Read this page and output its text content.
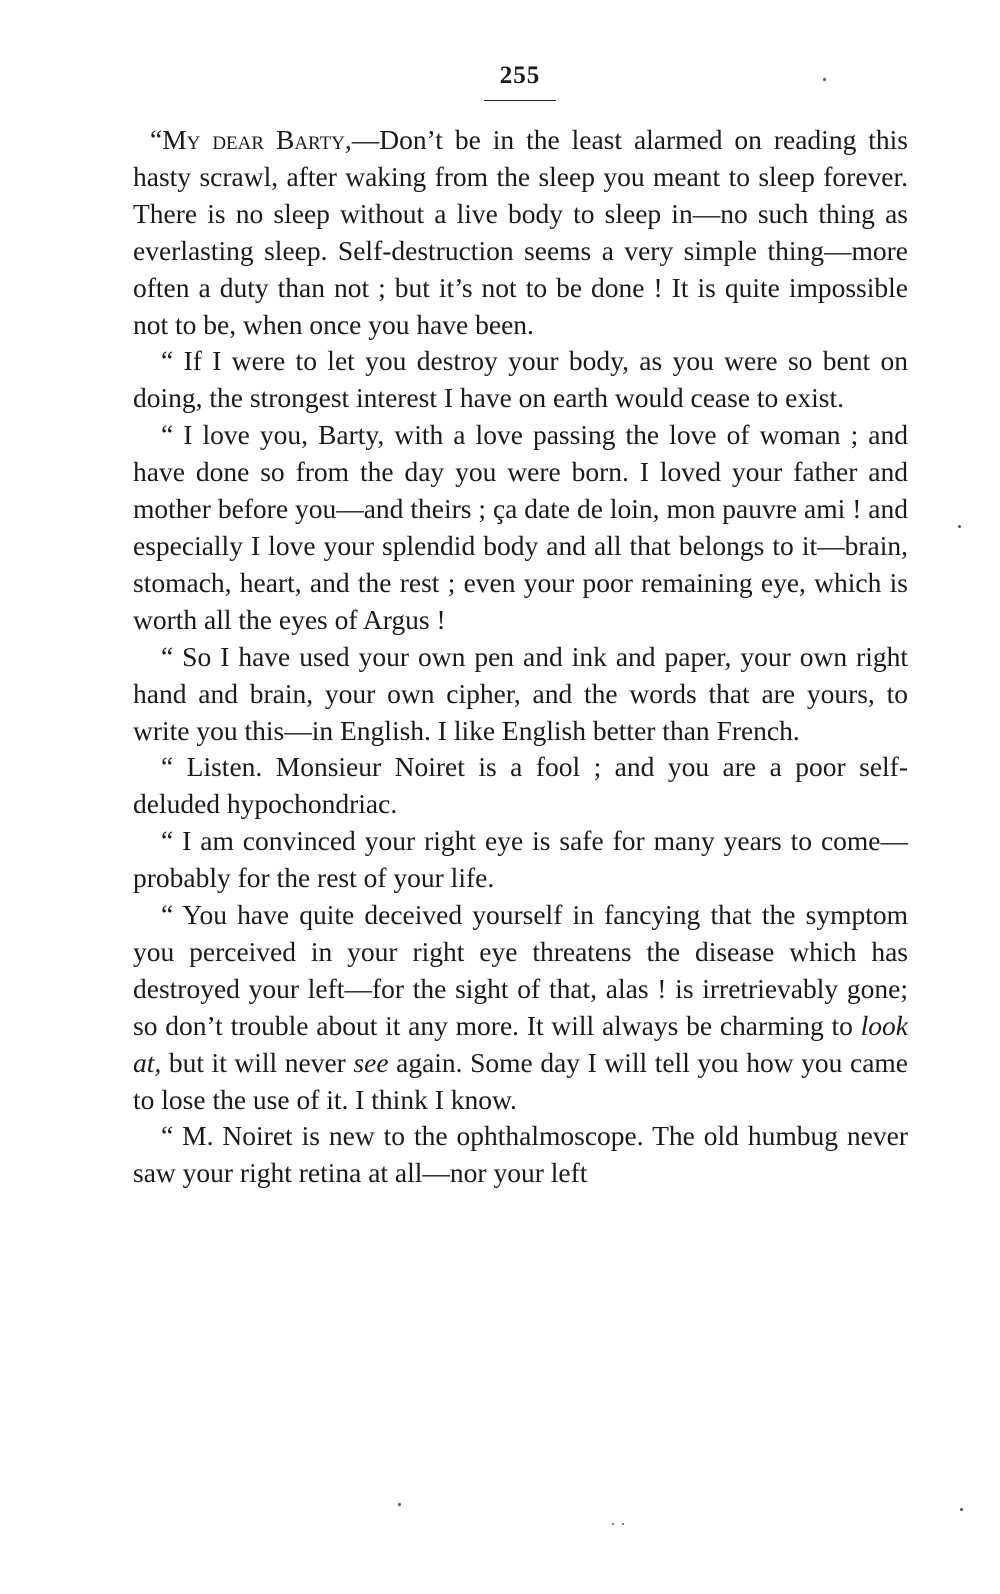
255

“My dear Barty,—Don’t be in the least alarmed on reading this hasty scrawl, after waking from the sleep you meant to sleep forever. There is no sleep without a live body to sleep in—no such thing as everlasting sleep. Self-destruction seems a very simple thing—more often a duty than not ; but it’s not to be done ! It is quite impossible not to be, when once you have been.

“ If I were to let you destroy your body, as you were so bent on doing, the strongest interest I have on earth would cease to exist.

“ I love you, Barty, with a love passing the love of woman ; and have done so from the day you were born. I loved your father and mother before you—and theirs ; ça date de loin, mon pauvre ami ! and especially I love your splendid body and all that belongs to it—brain, stomach, heart, and the rest ; even your poor remaining eye, which is worth all the eyes of Argus !

“ So I have used your own pen and ink and paper, your own right hand and brain, your own cipher, and the words that are yours, to write you this—in English. I like English better than French.

“ Listen. Monsieur Noiret is a fool ; and you are a poor self-deluded hypochondriac.

“ I am convinced your right eye is safe for many years to come—probably for the rest of your life.

“ You have quite deceived yourself in fancying that the symptom you perceived in your right eye threatens the disease which has destroyed your left—for the sight of that, alas ! is irretrievably gone; so don’t trouble about it any more. It will always be charming to look at, but it will never see again. Some day I will tell you how you came to lose the use of it. I think I know.

“ M. Noiret is new to the ophthalmoscope. The old humbug never saw your right retina at all—nor your left
